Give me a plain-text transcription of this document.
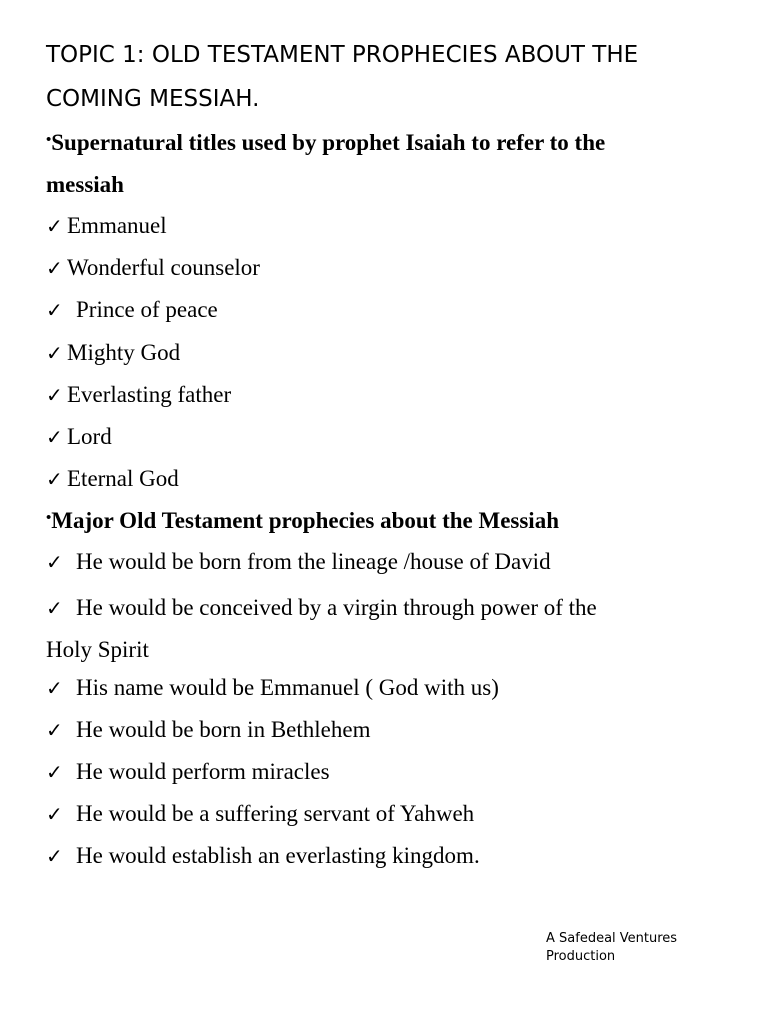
TOPIC 1: OLD TESTAMENT PROPHECIES ABOUT THE

COMING MESSIAH.

•Supernatural titles used by prophet Isaiah to refer to the

messiah

✓ Emmanuel

✓ Wonderful counselor

✓ Prince of peace

✓ Mighty God

✓ Everlasting father

✓ Lord

✓ Eternal God

•Major Old Testament prophecies about the Messiah

✓ He would be born from the lineage /house of David

✓ He would be conceived by a virgin through power of the

Holy Spirit

✓ His name would be Emmanuel ( God with us)

✓ He would be born in Bethlehem

✓ He would perform miracles

✓ He would be a suffering servant of Yahweh

✓ He would establish an everlasting kingdom.

A Safedeal Ventures
Production
